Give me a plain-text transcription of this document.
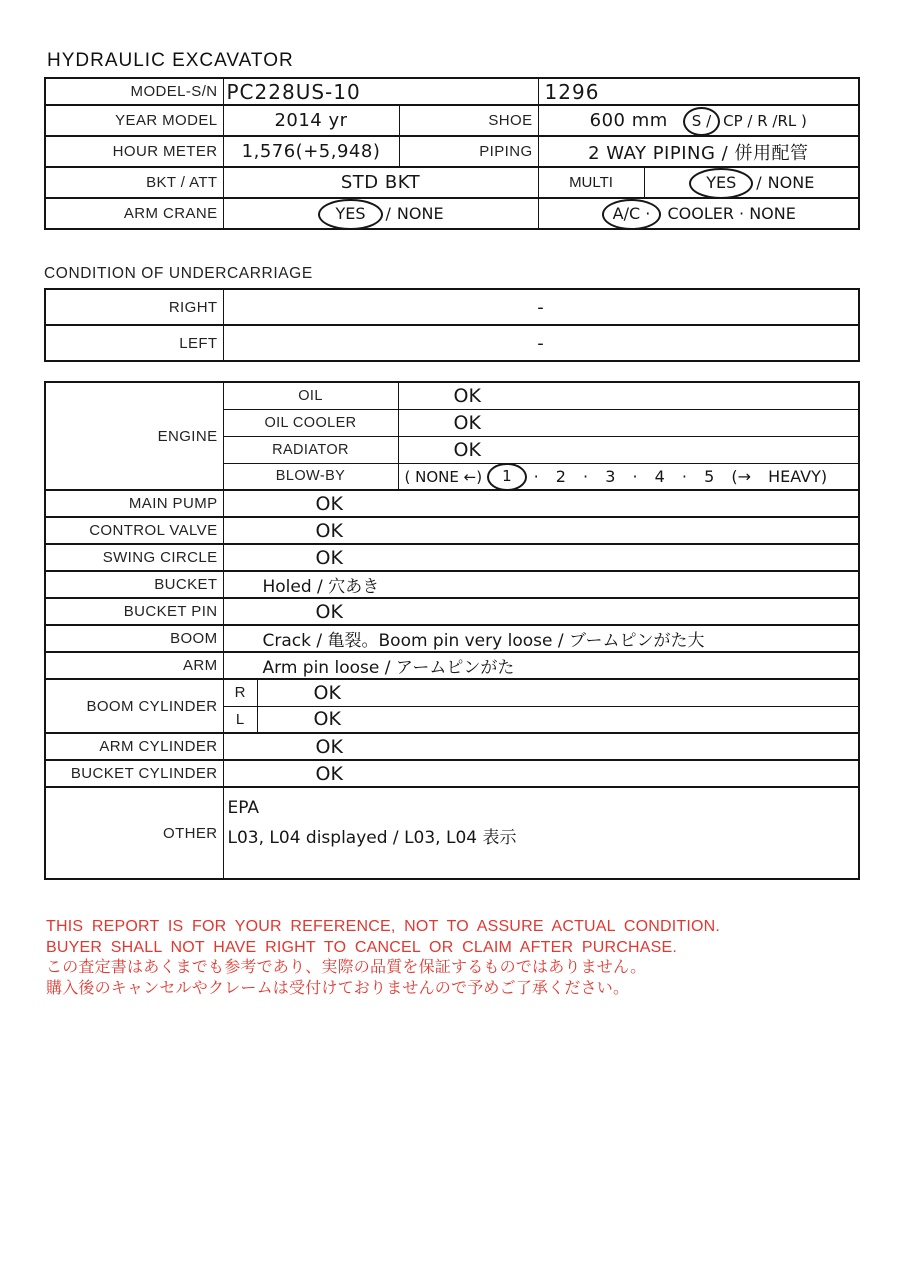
HYDRAULIC EXCAVATOR
MODEL-S/N	PC228US-10		1296	
YEAR MODEL	2014 yr	SHOE	600 mm S / CP / R /RL )	
HOUR METER	1,576(+5,948)	PIPING	2 WAY PIPING / 併用配管	
BKT / ATT	STD BKT		MULTI	YES / NONE
ARM CRANE	YES / NONE		A/C · COOLER · NONE	
CONDITION OF UNDERCARRIAGE
RIGHT	-
LEFT	-
ENGINE	OIL		OK
	OIL COOLER		OK
	RADIATOR		OK
	BLOW-BY		( NONE ←) 1 · 2 · 3 · 4 · 5 (→ HEAVY)
MAIN PUMP	OK		
CONTROL VALVE	OK		
SWING CIRCLE	OK		
BUCKET	Holed / 穴あき		
BUCKET PIN	OK		
BOOM	Crack / 亀裂。Boom pin very loose / ブームピンがた大		
ARM	Arm pin loose / アームピンがた		
BOOM CYLINDER	R	OK	
	L	OK	
ARM CYLINDER	OK		
BUCKET CYLINDER	OK		
OTHER	EPA
L03, L04 displayed / L03, L04 表示		

THIS REPORT IS FOR YOUR REFERENCE, NOT TO ASSURE ACTUAL CONDITION.

BUYER SHALL NOT HAVE RIGHT TO CANCEL OR CLAIM AFTER PURCHASE.

この査定書はあくまでも参考であり、実際の品質を保証するものではありません。

購入後のキャンセルやクレームは受付けておりませんので予めご了承ください。
